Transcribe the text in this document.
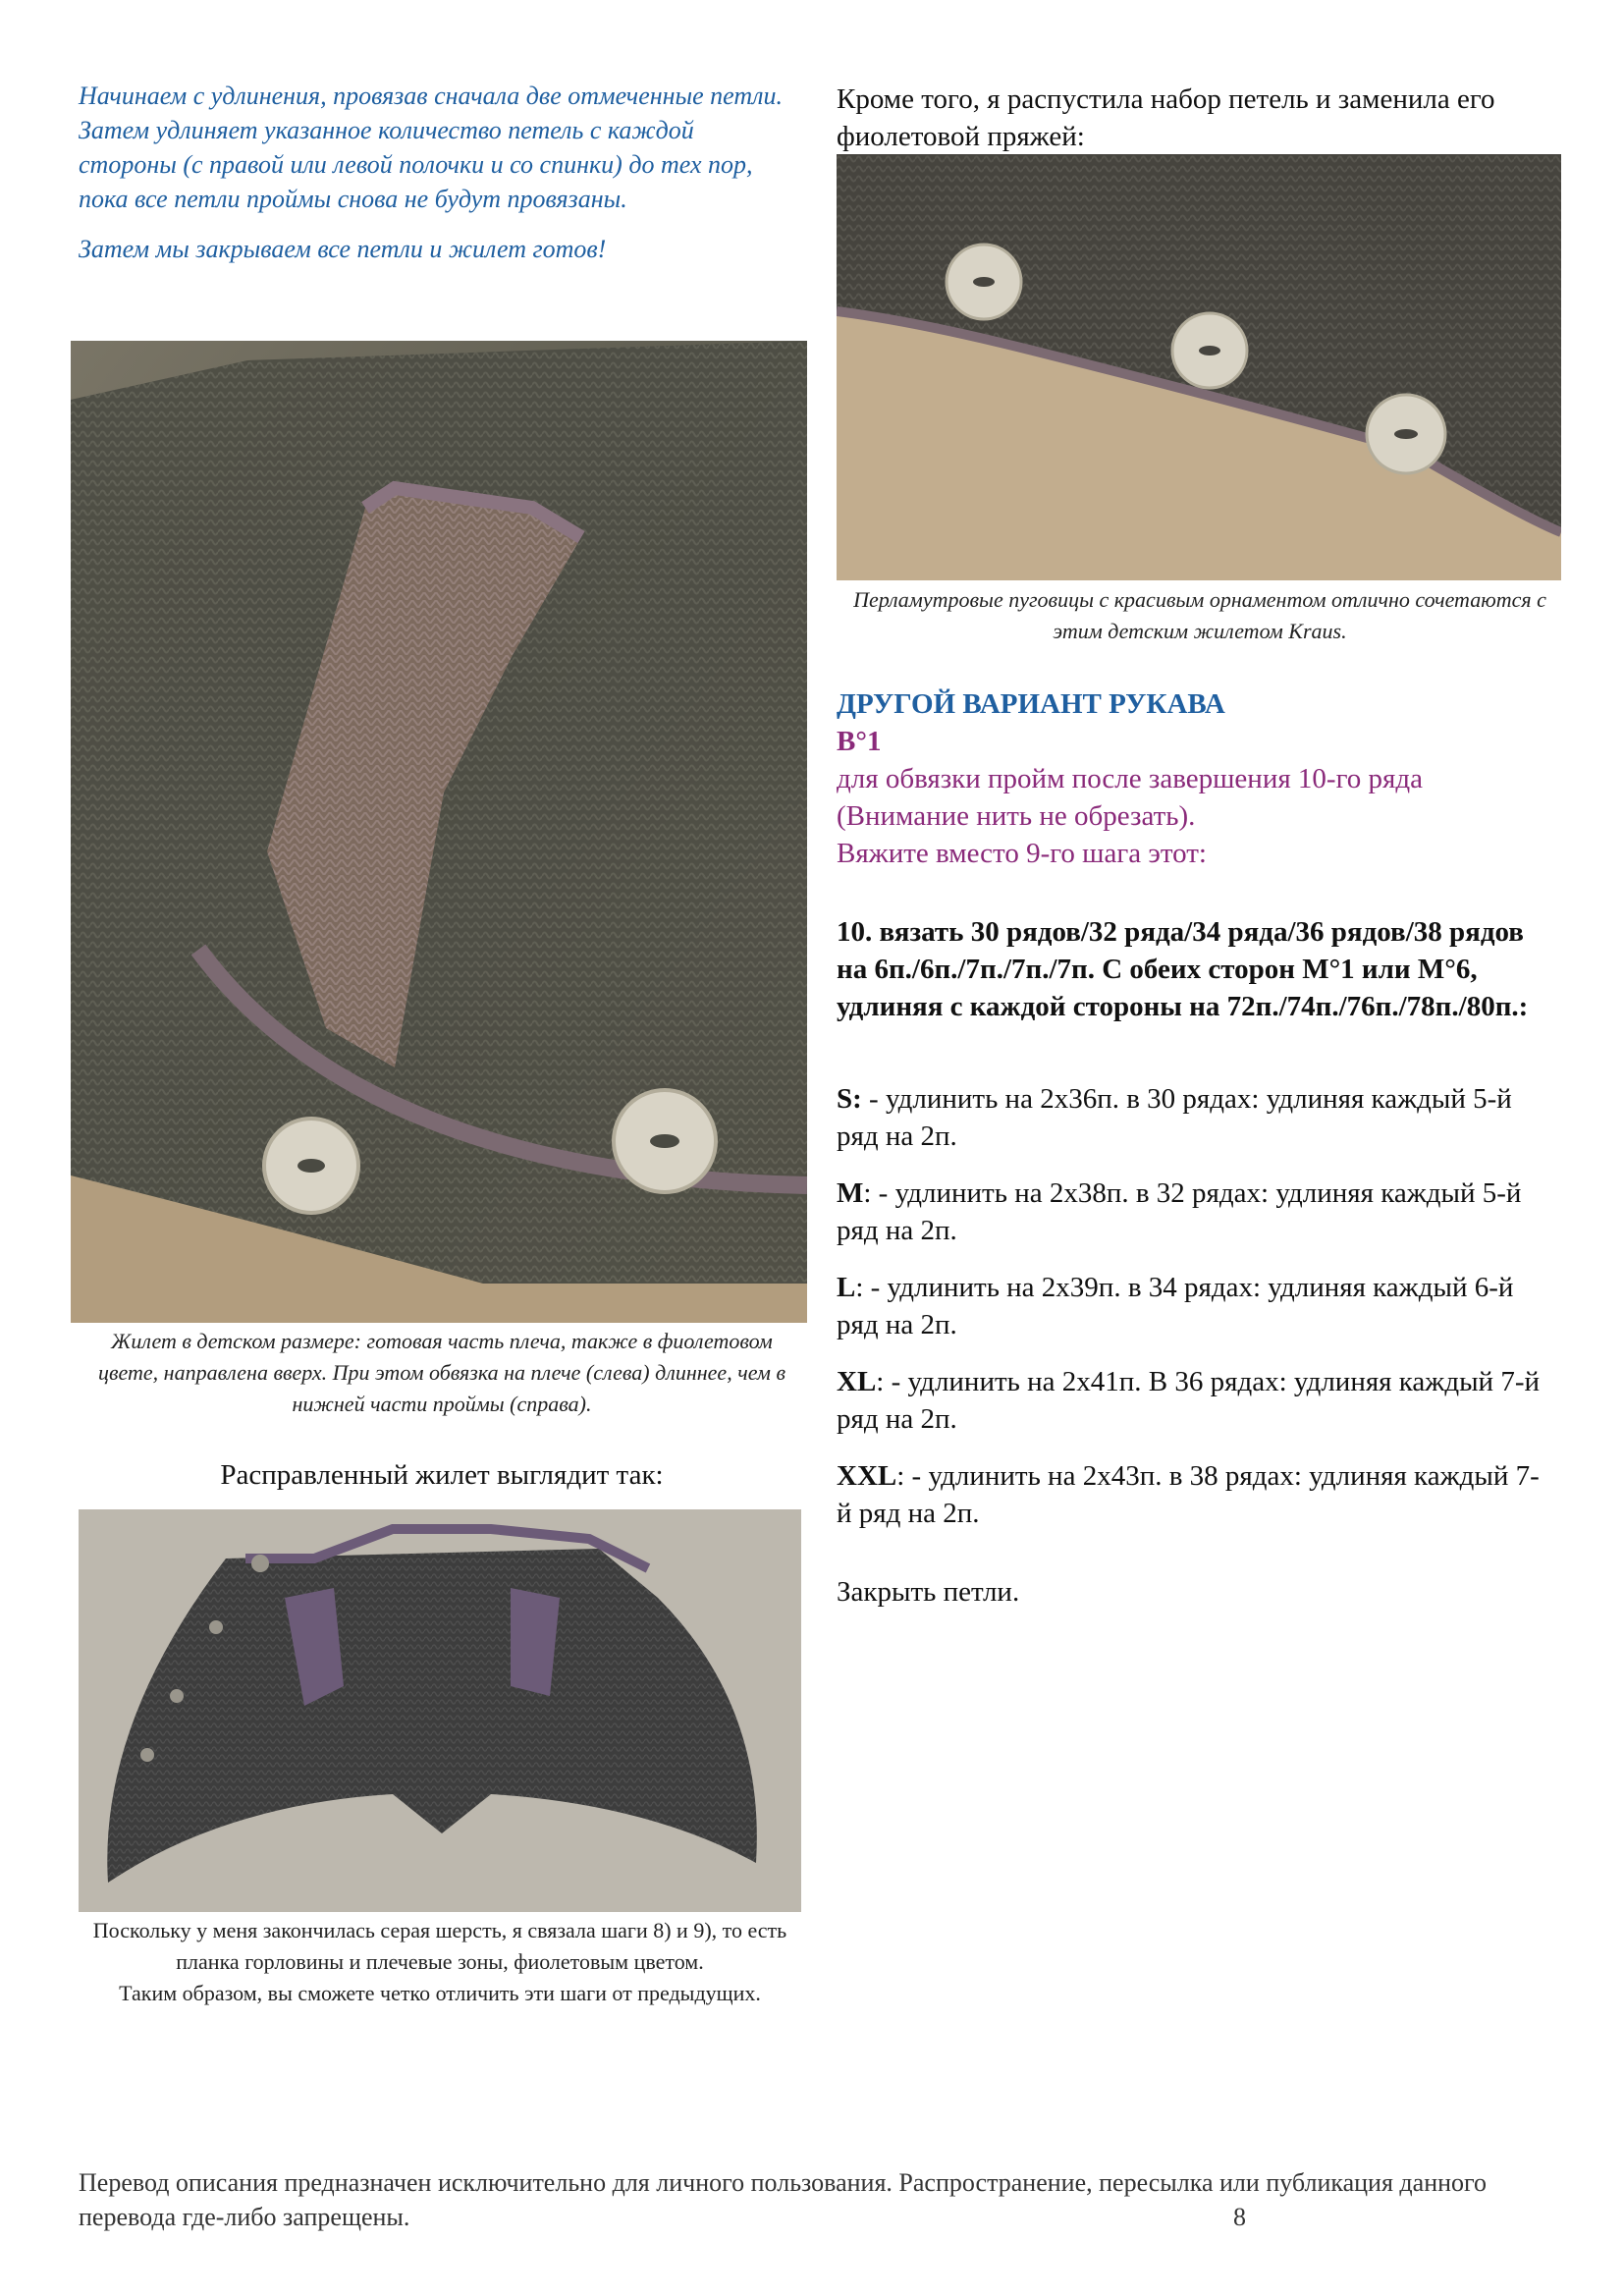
Начинаем с удлинения, провязав сначала две отмеченные петли. Затем удлиняет указанное количество петель с каждой стороны (с правой или левой полочки и со спинки) до тех пор, пока все петли проймы снова не будут провязаны.

Затем мы закрываем все петли и жилет готов!

Жилет в детском размере: готовая часть плеча, также в фиолетовом цвете, направлена вверх. При этом обвязка на плече (слева) длиннее, чем в нижней части проймы (справа).
Расправленный жилет выглядит так:
Поскольку у меня закончилась серая шерсть, я связала шаги 8) и 9), то есть планка горловины и плечевые зоны, фиолетовым цветом.
Таким образом, вы сможете четко отличить эти шаги от предыдущих.
Кроме того, я распустила набор петель и заменила его фиолетовой пряжей:
Перламутровые пуговицы с красивым орнаментом отлично сочетаются с этим детским жилетом Kraus.
ДРУГОЙ ВАРИАНТ РУКАВА
B°1
для обвязки пройм после завершения 10-го ряда
(Внимание нить не обрезать).
Вяжите вместо 9-го шага этот:
10. вязать 30 рядов/32 ряда/34 ряда/36 рядов/38 рядов на 6п./6п./7п./7п./7п. С обеих сторон M°1 или M°6, удлиняя с каждой стороны на 72п./74п./76п./78п./80п.:
S: - удлинить на 2x36п. в 30 рядах: удлиняя каждый 5-й ряд на 2п.
M: - удлинить на 2x38п. в 32 рядах: удлиняя каждый 5-й ряд на 2п.
L: - удлинить на 2x39п. в 34 рядах: удлиняя каждый 6-й ряд на 2п.
XL: - удлинить на 2x41п. В 36 рядах: удлиняя каждый 7-й ряд на 2п.
XXL: - удлинить на 2x43п. в 38 рядах: удлиняя каждый 7-й ряд на 2п.
Закрыть петли.
Перевод описания предназначен исключительно для личного пользования. Распространение, пересылка или публикация данного перевода где-либо запрещены.	8
